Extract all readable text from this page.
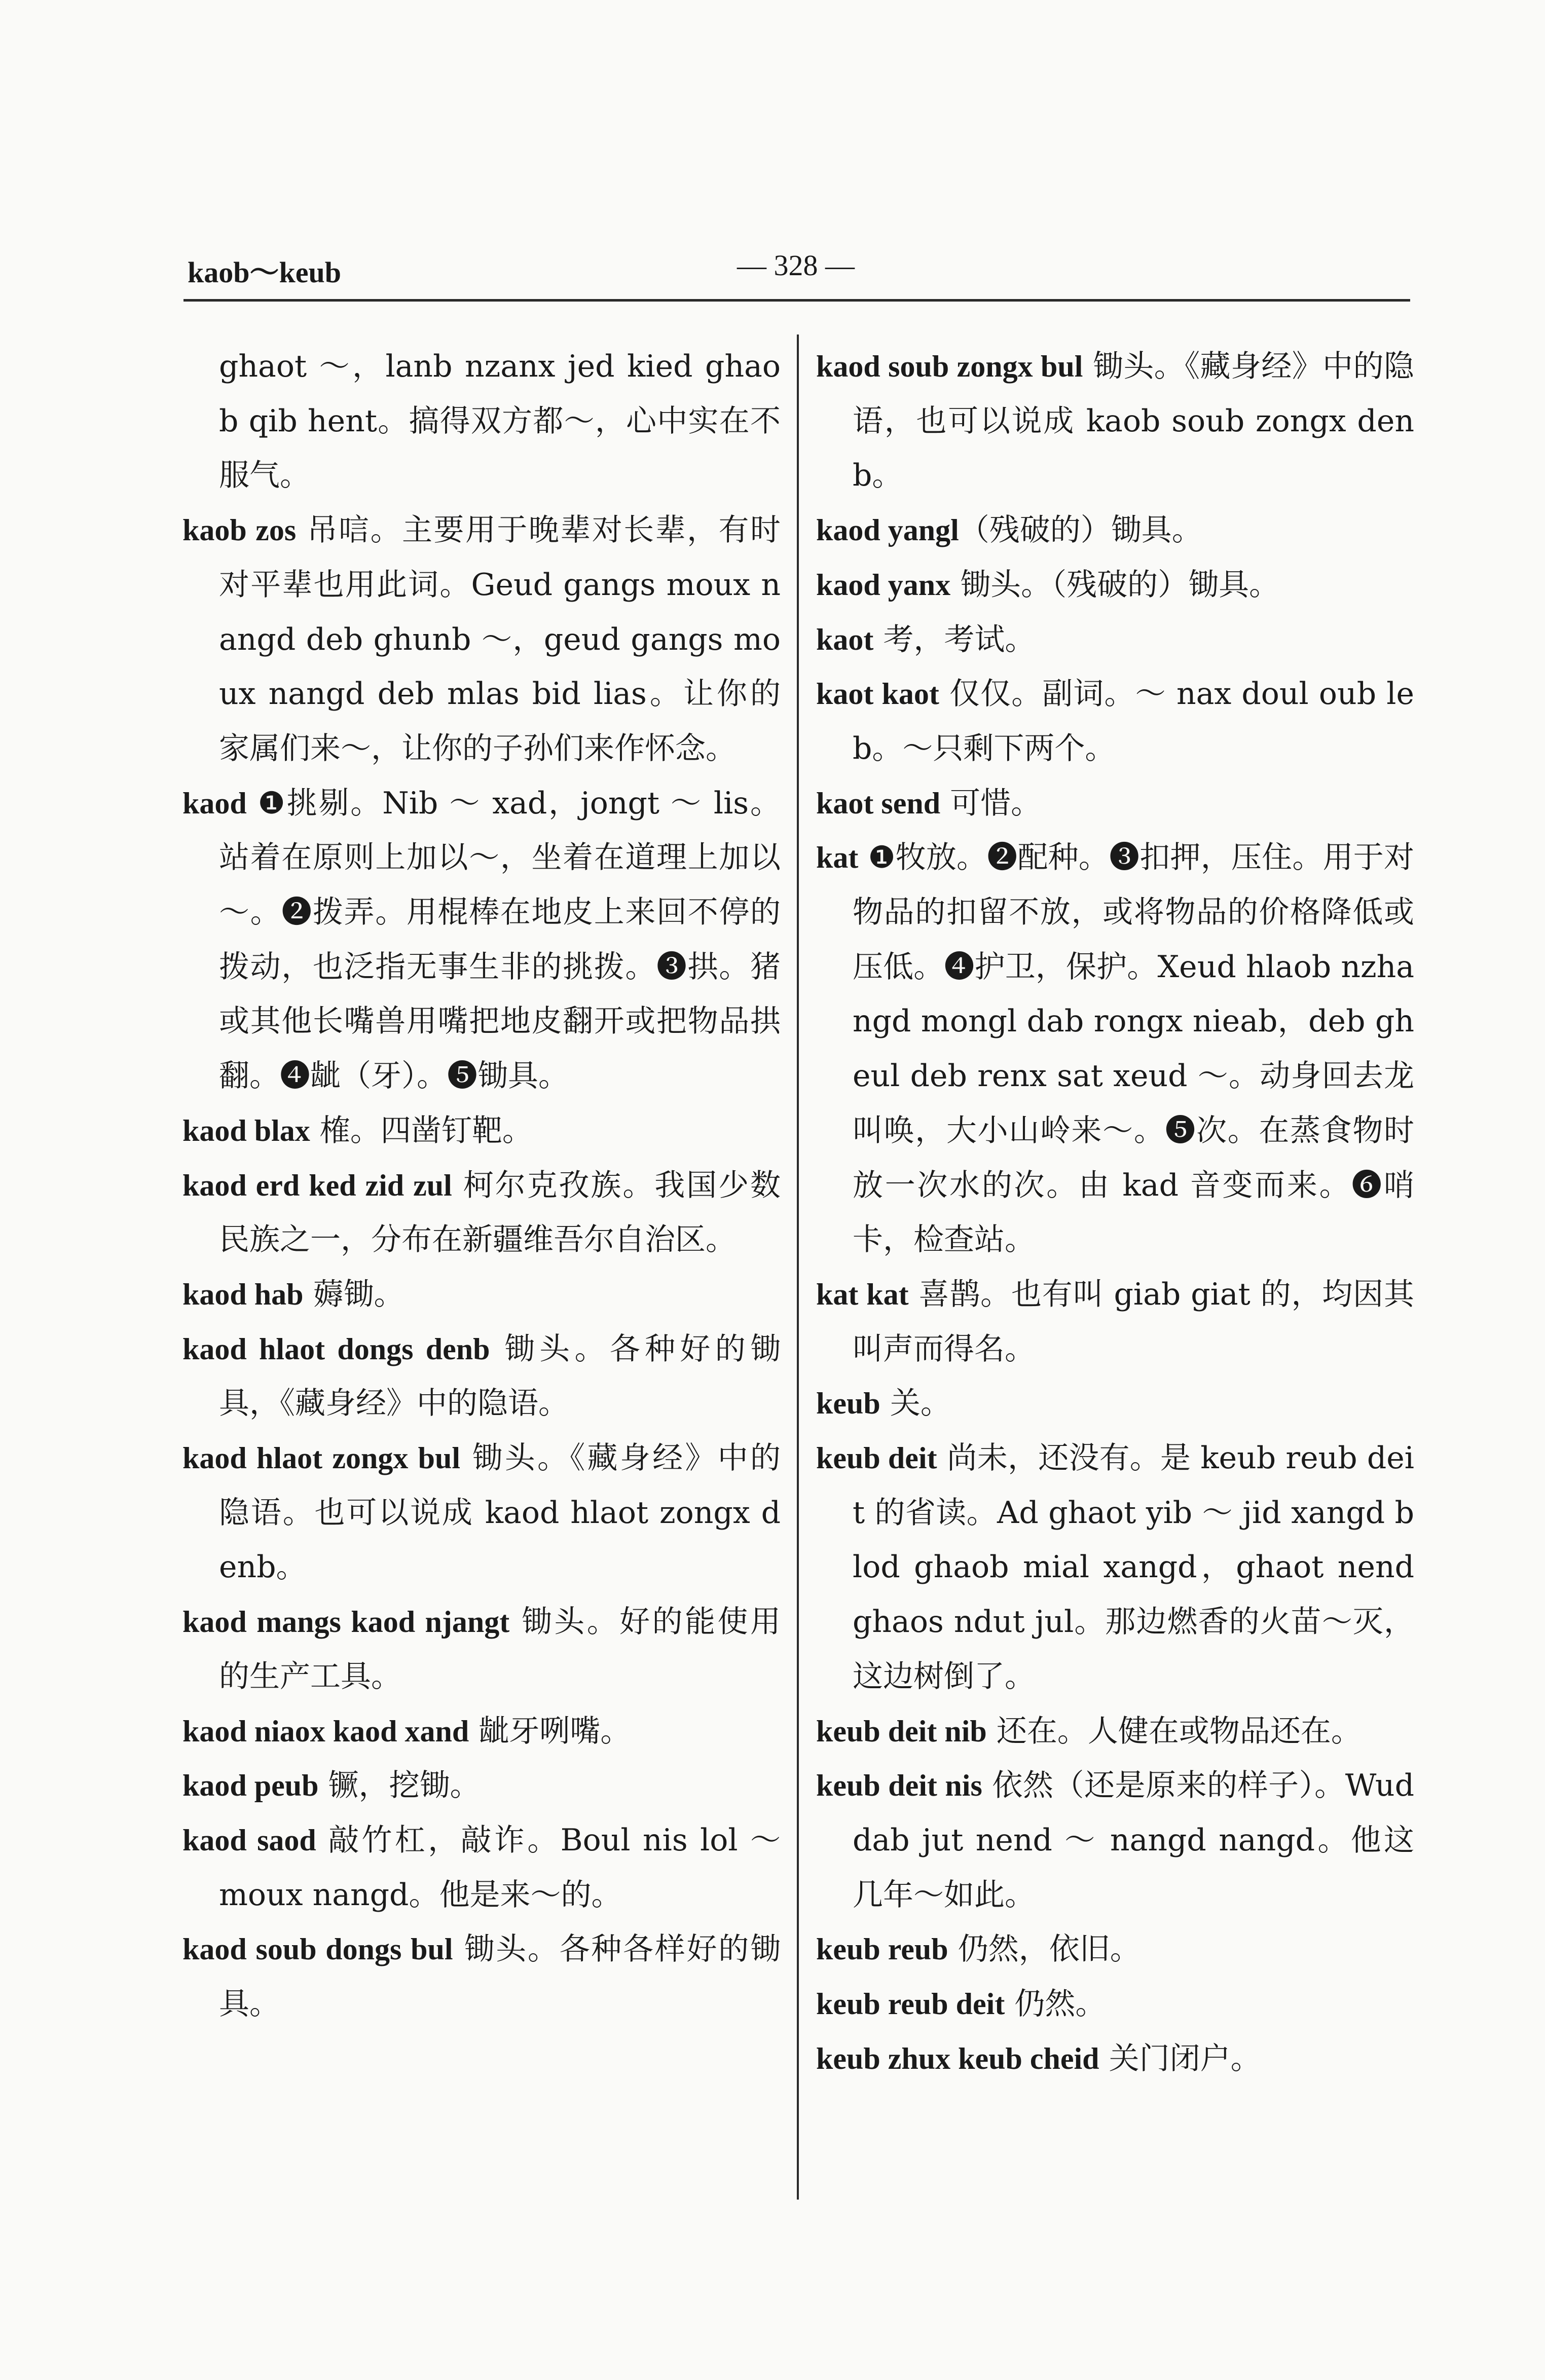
kaob～keub	— 328 —
ghaot ～，lanb nzanx jed kied ghaob qib hent。搞得双方都～，心中实在不服气。
kaob zos 吊唁。主要用于晚辈对长辈，有时对平辈也用此词。Geud gangs moux nangd deb ghunb ～，geud gangs moux nangd deb mlas bid lias。让你的家属们来～，让你的子孙们来作怀念。
kaod ❶挑剔。Nib ～ xad，jongt ～ lis。站着在原则上加以～，坐着在道理上加以～。❷拨弄。用棍棒在地皮上来回不停的拨动，也泛指无事生非的挑拨。❸拱。猪或其他长嘴兽用嘴把地皮翻开或把物品拱翻。❹龇（牙）。❺锄具。
kaod blax 榷。四凿钉靶。
kaod erd ked zid zul 柯尔克孜族。我国少数民族之一，分布在新疆维吾尔自治区。
kaod hab 薅锄。
kaod hlaot dongs denb 锄头。各种好的锄具，《藏身经》中的隐语。
kaod hlaot zongx bul 锄头。《藏身经》中的隐语。也可以说成 kaod hlaot zongx denb。
kaod mangs kaod njangt 锄头。好的能使用的生产工具。
kaod niaox kaod xand 龇牙咧嘴。
kaod peub 镢，挖锄。
kaod saod 敲竹杠，敲诈。Boul nis lol ～ moux nangd。他是来～的。
kaod soub dongs bul 锄头。各种各样好的锄具。
kaod soub zongx bul 锄头。《藏身经》中的隐语，也可以说成 kaob soub zongx denb。
kaod yangl（残破的）锄具。
kaod yanx 锄头。（残破的）锄具。
kaot 考，考试。
kaot kaot 仅仅。副词。～ nax doul oub leb。～只剩下两个。
kaot send 可惜。
kat ❶牧放。❷配种。❸扣押，压住。用于对物品的扣留不放，或将物品的价格降低或压低。❹护卫，保护。Xeud hlaob nzhangd mongl dab rongx nieab，deb gheul deb renx sat xeud ～。动身回去龙叫唤，大小山岭来～。❺次。在蒸食物时放一次水的次。由 kad 音变而来。❻哨卡，检查站。
kat kat 喜鹊。也有叫 giab giat 的，均因其叫声而得名。
keub 关。
keub deit 尚未，还没有。是 keub reub deit 的省读。Ad ghaot yib ～ jid xangd blod ghaob mial xangd，ghaot nend ghaos ndut jul。那边燃香的火苗～灭，这边树倒了。
keub deit nib 还在。人健在或物品还在。
keub deit nis 依然（还是原来的样子）。Wud dab jut nend ～ nangd nangd。他这几年～如此。
keub reub 仍然，依旧。
keub reub deit 仍然。
keub zhux keub cheid 关门闭户。
